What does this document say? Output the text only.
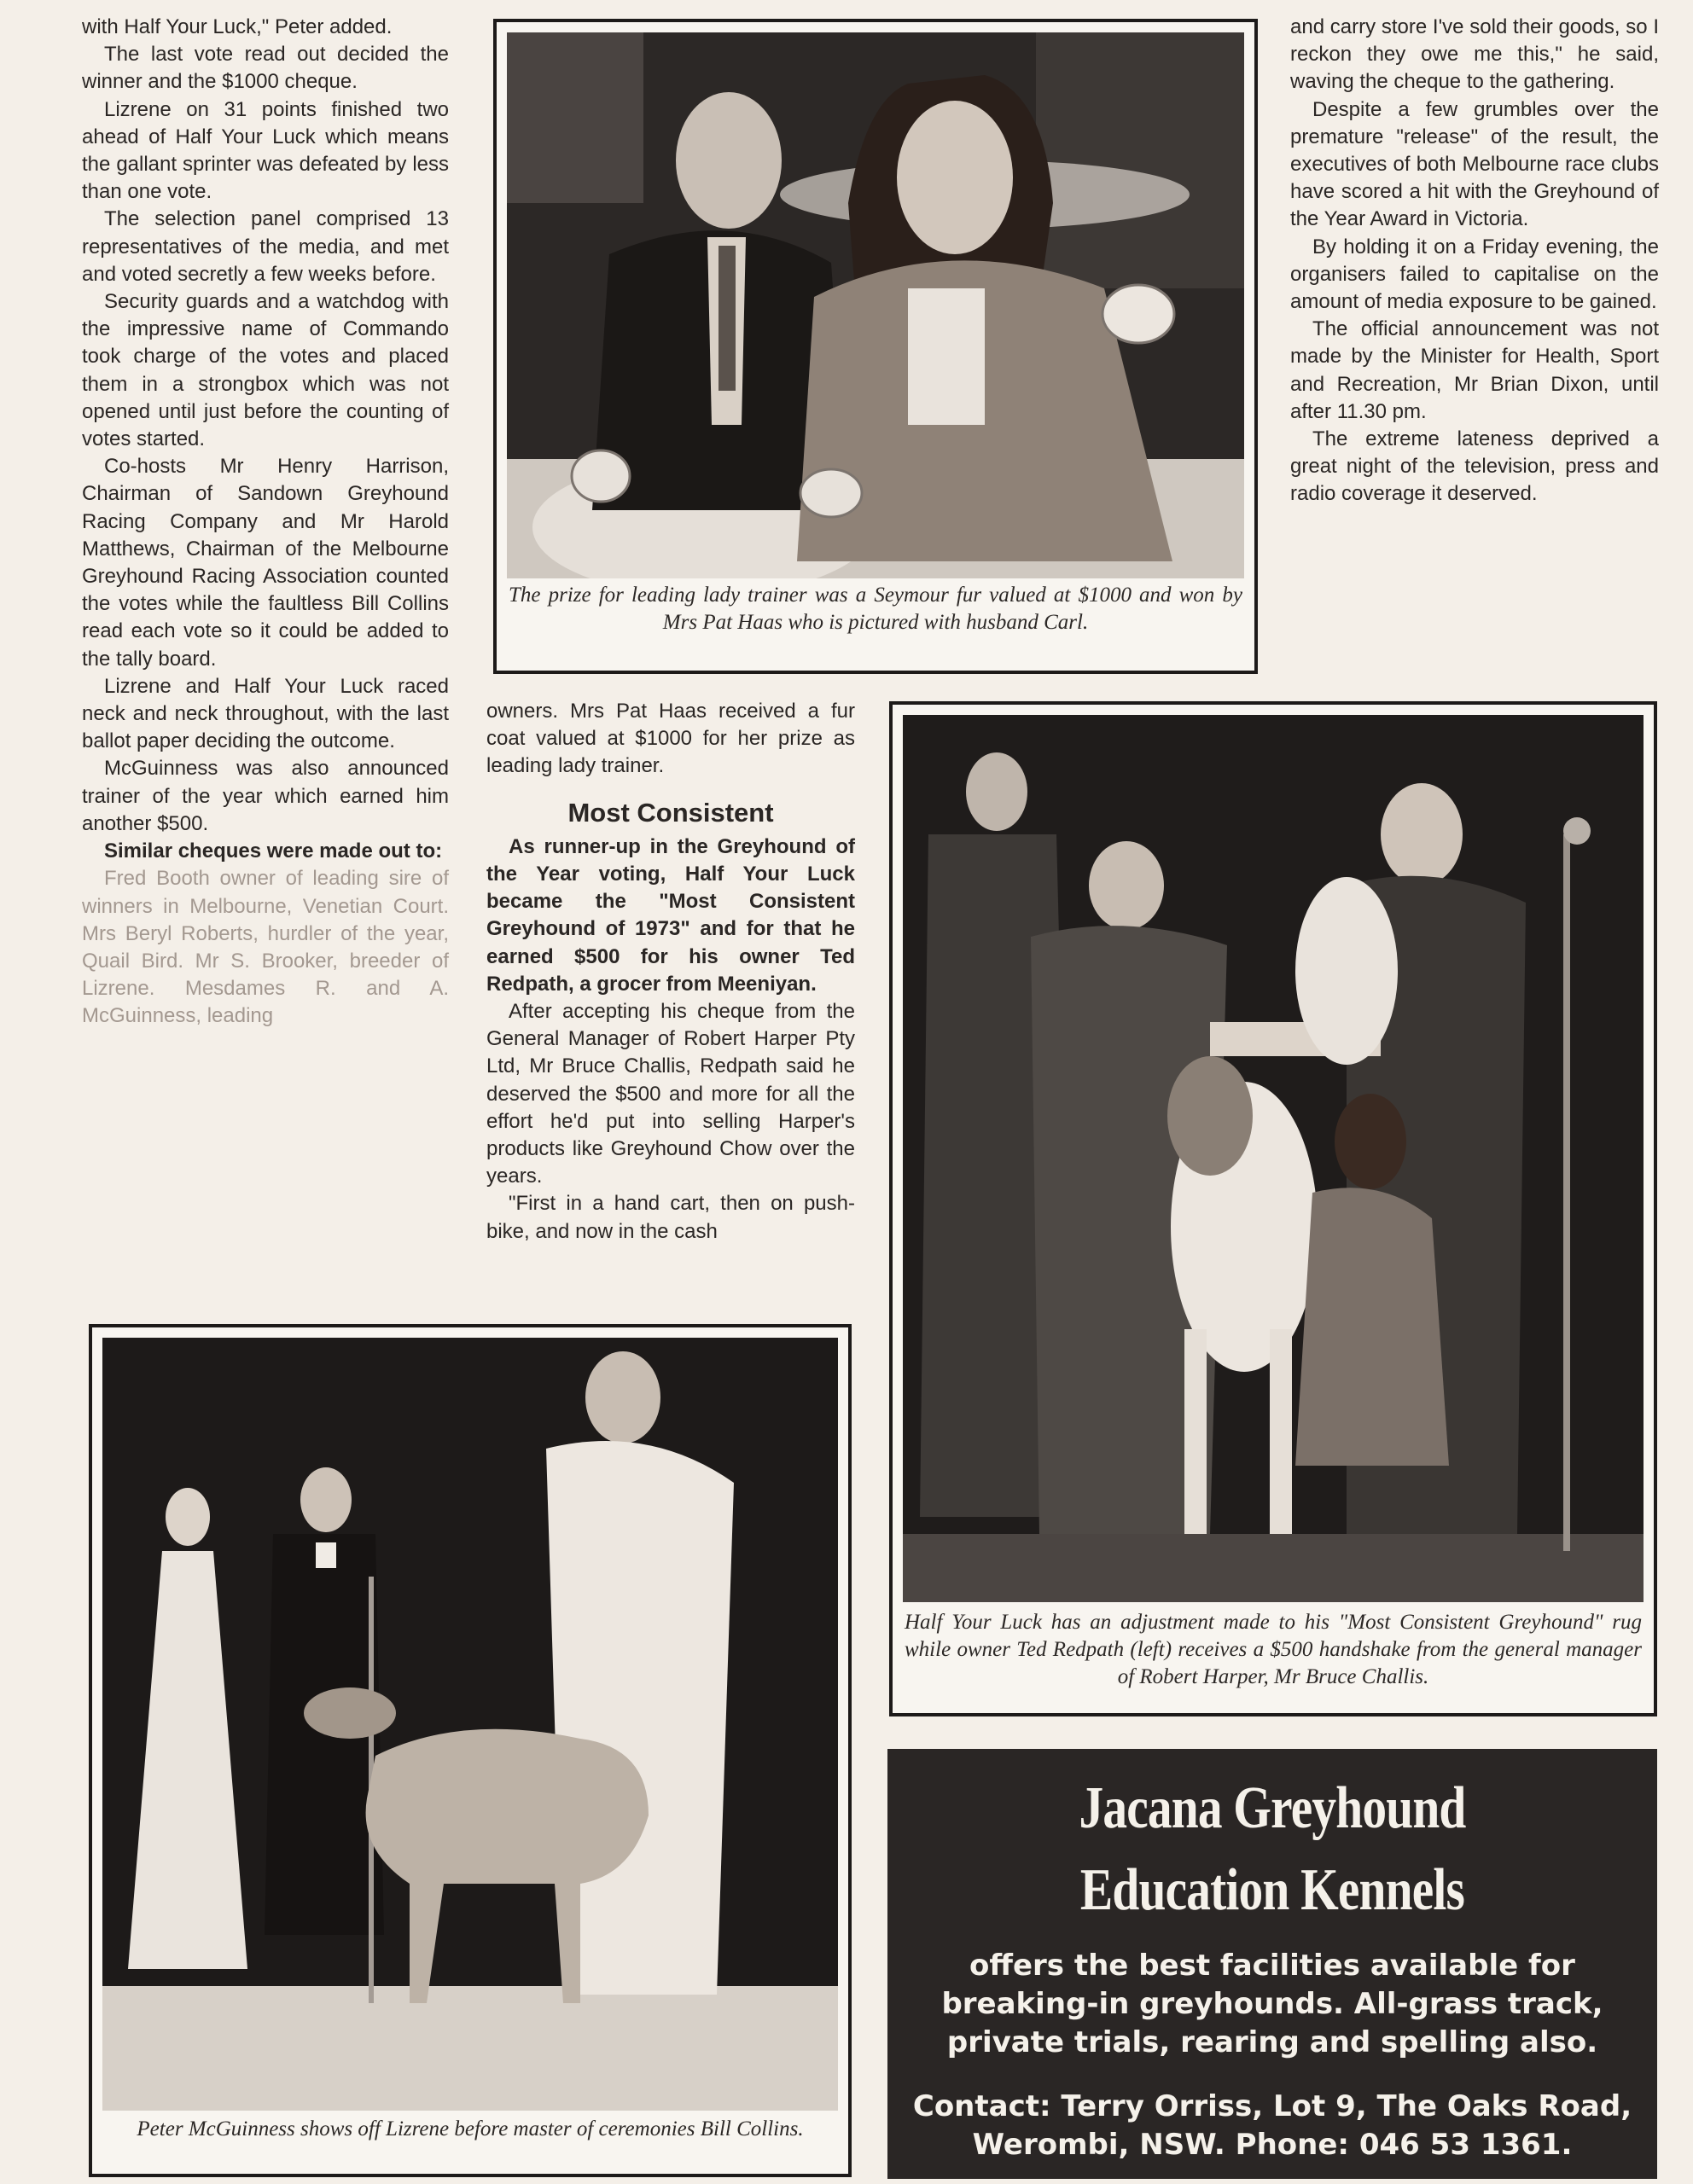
with Half Your Luck," Peter added.

The last vote read out decided the winner and the $1000 cheque.

Lizrene on 31 points finished two ahead of Half Your Luck which means the gallant sprinter was defeated by less than one vote.

The selection panel comprised 13 representatives of the media, and met and voted secretly a few weeks before.

Security guards and a watchdog with the impressive name of Commando took charge of the votes and placed them in a strongbox which was not opened until just before the counting of votes started.

Co-hosts Mr Henry Harrison, Chairman of Sandown Greyhound Racing Company and Mr Harold Matthews, Chairman of the Melbourne Greyhound Racing Association counted the votes while the faultless Bill Collins read each vote so it could be added to the tally board.

Lizrene and Half Your Luck raced neck and neck throughout, with the last ballot paper deciding the outcome.

McGuinness was also announced trainer of the year which earned him another $500.

Similar cheques were made out to:

Fred Booth owner of leading sire of winners in Melbourne, Venetian Court. Mrs Beryl Roberts, hurdler of the year, Quail Bird. Mr S. Brooker, breeder of Lizrene. Mesdames R. and A. McGuinness, leading

The prize for leading lady trainer was a Seymour fur valued at $1000 and won by Mrs Pat Haas who is pictured with husband Carl.

and carry store I've sold their goods, so I reckon they owe me this," he said, waving the cheque to the gathering.

Despite a few grumbles over the premature "release" of the result, the executives of both Melbourne race clubs have scored a hit with the Greyhound of the Year Award in Victoria.

By holding it on a Friday evening, the organisers failed to capitalise on the amount of media exposure to be gained.

The official announcement was not made by the Minister for Health, Sport and Recreation, Mr Brian Dixon, until after 11.30 pm.

The extreme lateness deprived a great night of the television, press and radio coverage it deserved.

owners. Mrs Pat Haas received a fur coat valued at $1000 for her prize as leading lady trainer.

Most Consistent

As runner-up in the Greyhound of the Year voting, Half Your Luck became the "Most Consistent Greyhound of 1973" and for that he earned $500 for his owner Ted Redpath, a grocer from Meeniyan.

After accepting his cheque from the General Manager of Robert Harper Pty Ltd, Mr Bruce Challis, Redpath said he deserved the $500 and more for all the effort he'd put into selling Harper's products like Greyhound Chow over the years.

"First in a hand cart, then on push-bike, and now in the cash

Half Your Luck has an adjustment made to his "Most Consistent Greyhound" rug while owner Ted Redpath (left) receives a $500 handshake from the general manager of Robert Harper, Mr Bruce Challis.
Peter McGuinness shows off Lizrene before master of ceremonies Bill Collins.
Jacana Greyhound
Education Kennels
offers the best facilities available for breaking-in greyhounds. All-grass track, private trials, rearing and spelling also.
Contact: Terry Orriss, Lot 9, The Oaks Road, Werombi, NSW. Phone: 046 53 1361.
